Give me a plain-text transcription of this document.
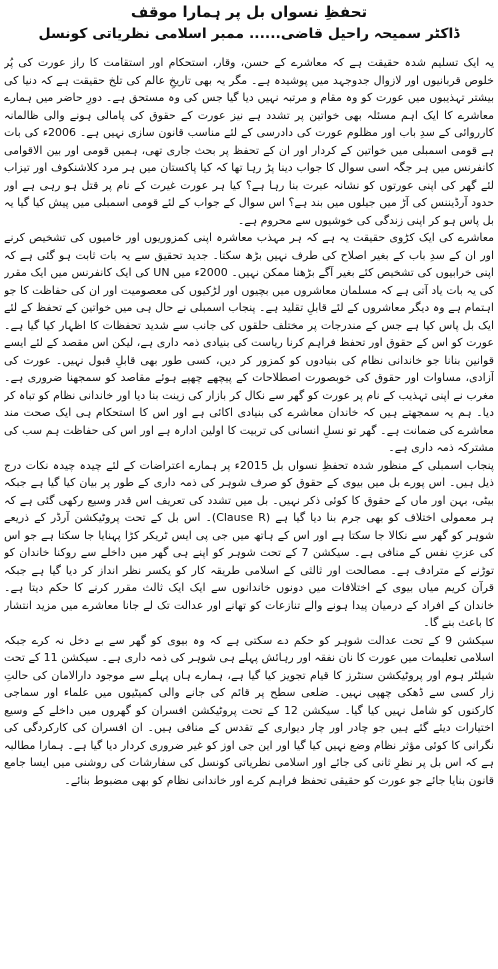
تحفظِ نسواں بل پر ہمارا موقف
ڈاکٹر سمیحہ راحیل قاضی...... ممبر اسلامی نظریاتی کونسل

یہ ایک تسلیم شدہ حقیقت ہے کہ معاشرے کے حسن، وقار، استحکام اور استقامت کا راز عورت کی پُر خلوص قربانیوں اور لازوال جدوجہد میں پوشیدہ ہے۔ مگر یہ بھی تاریخِ عالم کی تلخ حقیقت ہے کہ دنیا کی بیشتر تہذیبوں میں عورت کو وہ مقام و مرتبہ نہیں دیا گیا جس کی وہ مستحق ہے۔ دورِ حاضر میں ہمارے معاشرے کا ایک اہم مسئلہ بھی خواتین پر تشدد ہے نیز عورت کے حقوق کی پامالی ہونے والی ظالمانہ کارروائی کے سدِ باب اور مظلوم عورت کی دادرسی کے لئے مناسب قانون سازی نہیں ہے۔ 2006ء کی بات ہے قومی اسمبلی میں خواتین کے کردار اور ان کے تحفظ پر بحث جاری تھی، ہمیں قومی اور بین الاقوامی کانفرنس میں ہر جگہ اسی سوال کا جواب دینا پڑ رہا تھا کہ کیا پاکستان میں ہر مرد کلاشنکوف اور تیزاب لئے گھر کی اپنی عورتوں کو نشانہ عبرت بنا رہا ہے؟ کیا ہر عورت غیرت کے نام پر قتل ہو رہی ہے اور حدود آرڈیننس کی آڑ میں جیلوں میں بند ہے؟ اس سوال کے جواب کے لئے قومی اسمبلی میں پیش کیا گیا یہ بل پاس ہو کر اپنی زندگی کی خوشیوں سے محروم ہے۔

معاشرے کی ایک کڑوی حقیقت یہ ہے کہ ہر مہذب معاشرہ اپنی کمزوریوں اور خامیوں کی تشخیص کرنے اور ان کے سدِ باب کے بغیر اصلاح کی طرف نہیں بڑھ سکتا۔ جدید تحقیق سے یہ بات ثابت ہو گئی ہے کہ اپنی خرابیوں کی تشخیص کئے بغیر آگے بڑھنا ممکن نہیں۔ 2000ء میں UN کی ایک کانفرنس میں ایک مقرر کی یہ بات یاد آتی ہے کہ مسلمان معاشروں میں بچیوں اور لڑکیوں کی معصومیت اور ان کی حفاظت کا جو اہتمام ہے وہ دیگر معاشروں کے لئے قابلِ تقلید ہے۔ پنجاب اسمبلی نے حال ہی میں خواتین کے تحفظ کے لئے ایک بل پاس کیا ہے جس کے مندرجات پر مختلف حلقوں کی جانب سے شدید تحفظات کا اظہار کیا گیا ہے۔ عورت کو اس کے حقوق اور تحفظ فراہم کرنا ریاست کی بنیادی ذمہ داری ہے، لیکن اس مقصد کے لئے ایسے قوانین بنانا جو خاندانی نظام کی بنیادوں کو کمزور کر دیں، کسی طور بھی قابلِ قبول نہیں۔ عورت کی آزادی، مساوات اور حقوق کی خوبصورت اصطلاحات کے پیچھے چھپے ہوئے مقاصد کو سمجھنا ضروری ہے۔ مغرب نے اپنی تہذیب کے نام پر عورت کو گھر سے نکال کر بازار کی زینت بنا دیا اور خاندانی نظام کو تباہ کر دیا۔ ہم یہ سمجھتے ہیں کہ خاندان معاشرے کی بنیادی اکائی ہے اور اس کا استحکام ہی ایک صحت مند معاشرے کی ضمانت ہے۔ گھر تو نسلِ انسانی کی تربیت کا اولین ادارہ ہے اور اس کی حفاظت ہم سب کی مشترکہ ذمہ داری ہے۔

پنجاب اسمبلی کے منظور شدہ تحفظِ نسواں بل 2015ء پر ہمارے اعتراضات کے لئے چیدہ چیدہ نکات درج ذیل ہیں۔ اس پورے بل میں بیوی کے حقوق کو صرف شوہر کی ذمہ داری کے طور پر بیان کیا گیا ہے جبکہ بیٹی، بہن اور ماں کے حقوق کا کوئی ذکر نہیں۔ بل میں تشدد کی تعریف اس قدر وسیع رکھی گئی ہے کہ ہر معمولی اختلاف کو بھی جرم بنا دیا گیا ہے (Clause R)۔ اس بل کے تحت پروٹیکشن آرڈر کے ذریعے شوہر کو گھر سے نکالا جا سکتا ہے اور اس کے ہاتھ میں جی پی ایس ٹریکر کڑا پہنایا جا سکتا ہے جو اس کی عزتِ نفس کے منافی ہے۔ سیکشن 7 کے تحت شوہر کو اپنے ہی گھر میں داخلے سے روکنا خاندان کو توڑنے کے مترادف ہے۔ مصالحت اور ثالثی کے اسلامی طریقہ کار کو یکسر نظر انداز کر دیا گیا ہے جبکہ قرآن کریم میاں بیوی کے اختلافات میں دونوں خاندانوں سے ایک ایک ثالث مقرر کرنے کا حکم دیتا ہے۔ خاندان کے افراد کے درمیان پیدا ہونے والے تنازعات کو تھانے اور عدالت تک لے جانا معاشرے میں مزید انتشار کا باعث بنے گا۔

سیکشن 9 کے تحت عدالت شوہر کو حکم دے سکتی ہے کہ وہ بیوی کو گھر سے بے دخل نہ کرے جبکہ اسلامی تعلیمات میں عورت کا نان نفقہ اور رہائش پہلے ہی شوہر کی ذمہ داری ہے۔ سیکشن 11 کے تحت شیلٹر ہوم اور پروٹیکشن سنٹرز کا قیام تجویز کیا گیا ہے، ہمارے ہاں پہلے سے موجود دارالامان کی حالتِ زار کسی سے ڈھکی چھپی نہیں۔ ضلعی سطح پر قائم کی جانے والی کمیٹیوں میں علماء اور سماجی کارکنوں کو شامل نہیں کیا گیا۔ سیکشن 12 کے تحت پروٹیکشن افسران کو گھروں میں داخلے کے وسیع اختیارات دیئے گئے ہیں جو چادر اور چار دیواری کے تقدس کے منافی ہیں۔ ان افسران کی کارکردگی کی نگرانی کا کوئی مؤثر نظام وضع نہیں کیا گیا اور این جی اوز کو غیر ضروری کردار دیا گیا ہے۔ ہمارا مطالبہ ہے کہ اس بل پر نظرِ ثانی کی جائے اور اسلامی نظریاتی کونسل کی سفارشات کی روشنی میں ایسا جامع قانون بنایا جائے جو عورت کو حقیقی تحفظ فراہم کرے اور خاندانی نظام کو بھی مضبوط بنائے۔
